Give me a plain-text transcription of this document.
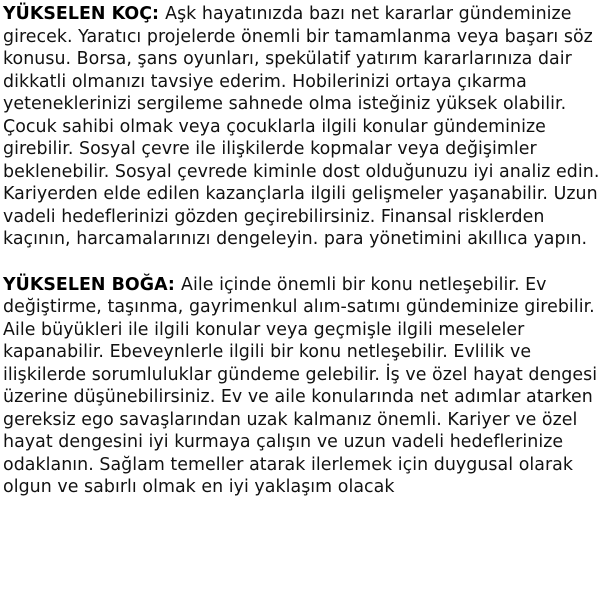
YÜKSELEN KOÇ: Aşk hayatınızda bazı net kararlar gündeminize girecek. Yaratıcı projelerde önemli bir tamamlanma veya başarı söz konusu. Borsa, şans oyunları, spekülatif yatırım kararlarınıza dair dikkatli olmanızı tavsiye ederim. Hobilerinizi ortaya çıkarma yeteneklerinizi sergileme sahnede olma isteğiniz yüksek olabilir. Çocuk sahibi olmak veya çocuklarla ilgili konular gündeminize girebilir. Sosyal çevre ile ilişkilerde kopmalar veya değişimler beklenebilir. Sosyal çevrede kiminle dost olduğunuzu iyi analiz edin. Kariyerden elde edilen kazançlarla ilgili gelişmeler yaşanabilir. Uzun vadeli hedeflerinizi gözden geçirebilirsiniz. Finansal risklerden kaçının, harcamalarınızı dengeleyin. para yönetimini akıllıca yapın.

YÜKSELEN BOĞA: Aile içinde önemli bir konu netleşebilir. Ev değiştirme, taşınma, gayrimenkul alım-satımı gündeminize girebilir. Aile büyükleri ile ilgili konular veya geçmişle ilgili meseleler kapanabilir. Ebeveynlerle ilgili bir konu netleşebilir. Evlilik ve ilişkilerde sorumluluklar gündeme gelebilir. İş ve özel hayat dengesi üzerine düşünebilirsiniz. Ev ve aile konularında net adımlar atarken gereksiz ego savaşlarından uzak kalmanız önemli. Kariyer ve özel hayat dengesini iyi kurmaya çalışın ve uzun vadeli hedeflerinize odaklanın. Sağlam temeller atarak ilerlemek için duygusal olarak olgun ve sabırlı olmak en iyi yaklaşım olacak
